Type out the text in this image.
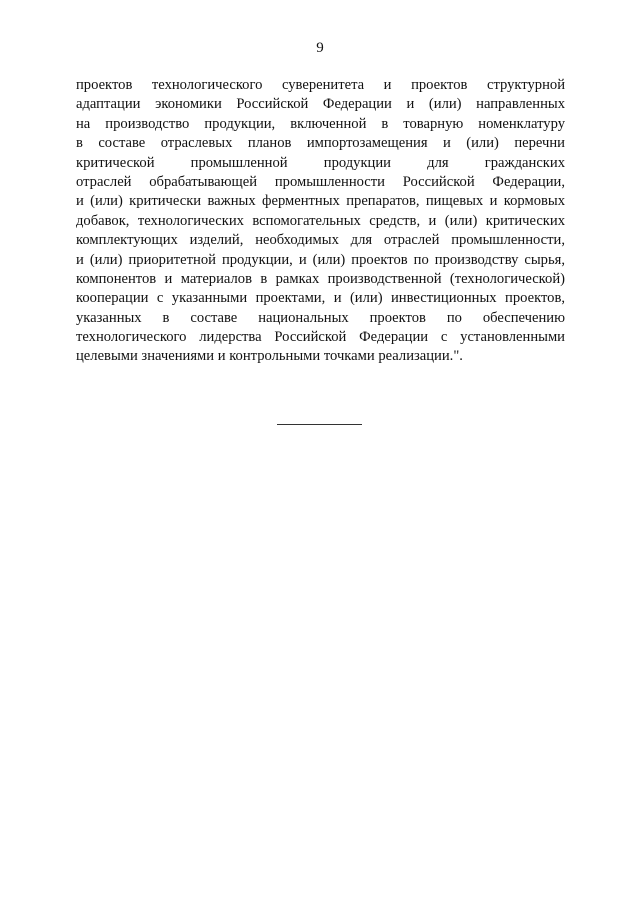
9
проектов технологического суверенитета и проектов структурной
адаптации экономики Российской Федерации и (или) направленных
на производство продукции, включенной в товарную номенклатуру
в составе отраслевых планов импортозамещения и (или) перечни
критической промышленной продукции для гражданских
отраслей обрабатывающей промышленности Российской Федерации,
и (или) критически важных ферментных препаратов, пищевых и кормовых
добавок, технологических вспомогательных средств, и (или) критических
комплектующих изделий, необходимых для отраслей промышленности,
и (или) приоритетной продукции, и (или) проектов по производству сырья,
компонентов и материалов в рамках производственной (технологической)
кооперации с указанными проектами, и (или) инвестиционных проектов,
указанных в составе национальных проектов по обеспечению
технологического лидерства Российской Федерации с установленными
целевыми значениями и контрольными точками реализации.".
